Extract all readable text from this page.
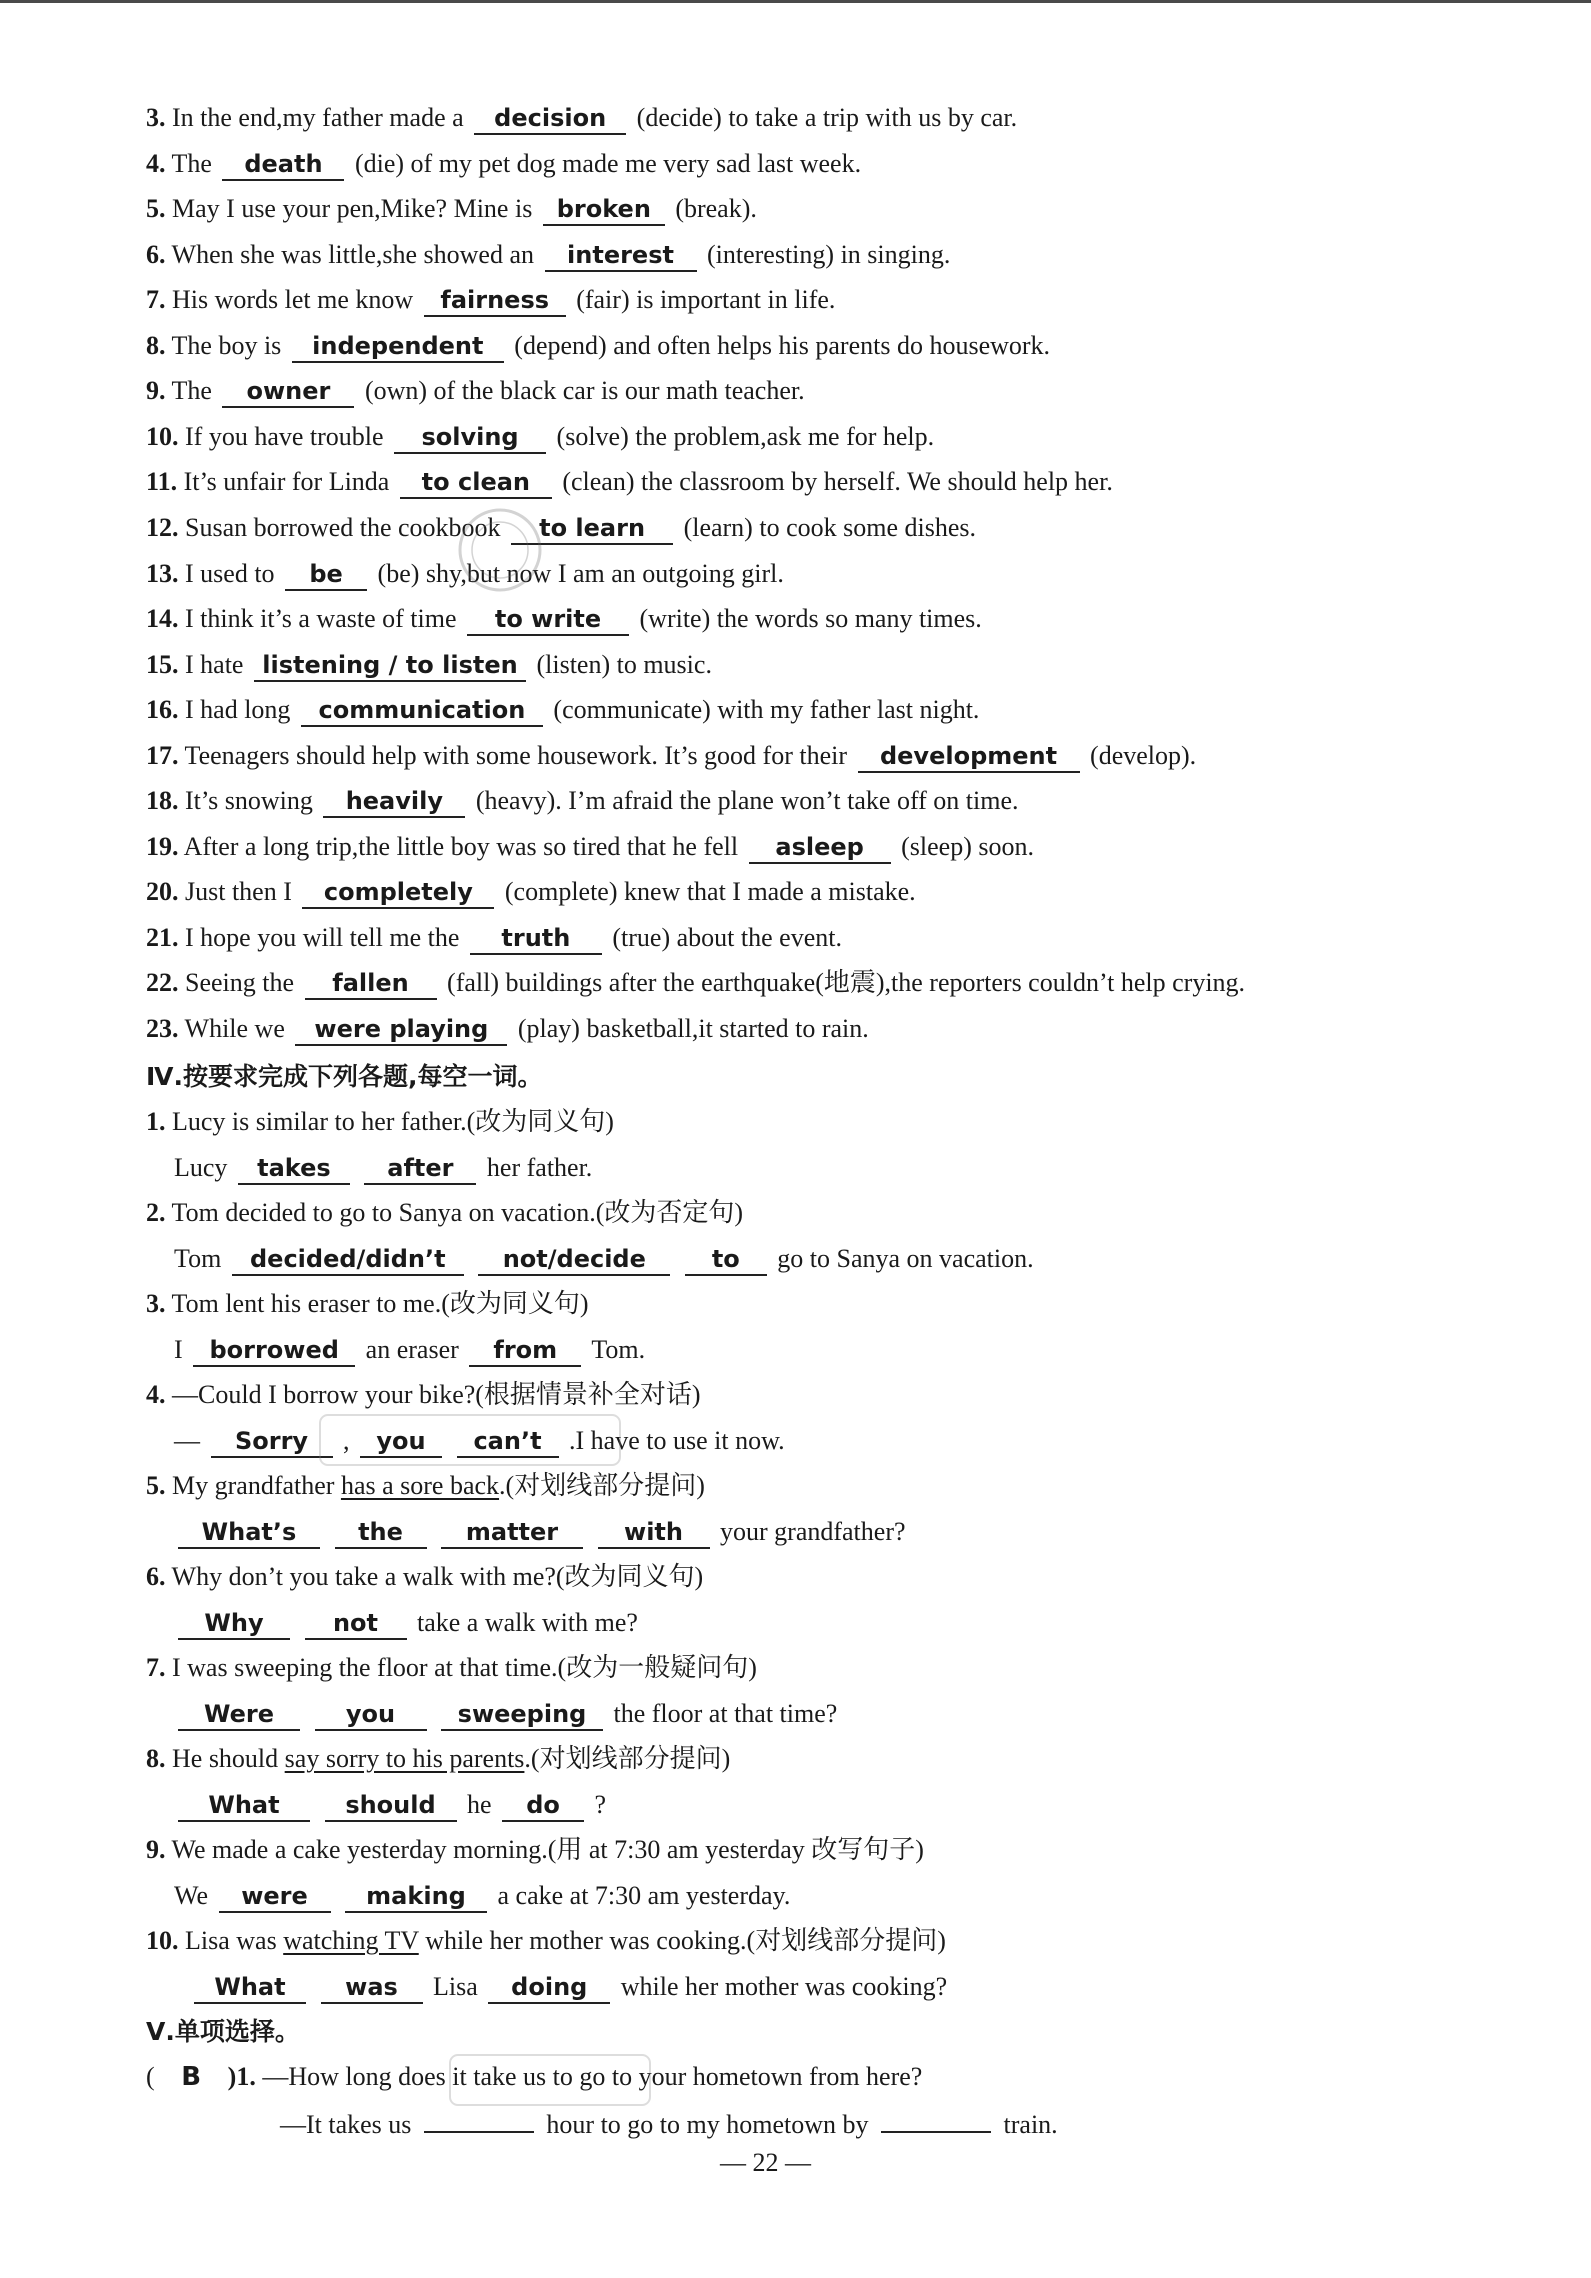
3. In the end,my father made a decision (decide) to take a trip with us by car.
4. The death (die) of my pet dog made me very sad last week.
5. May I use your pen,Mike? Mine is broken (break).
6. When she was little,she showed an interest (interesting) in singing.
7. His words let me know fairness (fair) is important in life.
8. The boy is independent (depend) and often helps his parents do housework.
9. The owner (own) of the black car is our math teacher.
10. If you have trouble solving (solve) the problem,ask me for help.
11. It’s unfair for Linda to clean (clean) the classroom by herself. We should help her.
12. Susan borrowed the cookbook to learn (learn) to cook some dishes.
13. I used to be (be) shy,but now I am an outgoing girl.
14. I think it’s a waste of time to write (write) the words so many times.
15. I hate listening / to listen (listen) to music.
16. I had long communication (communicate) with my father last night.
17. Teenagers should help with some housework. It’s good for their development (develop).
18. It’s snowing heavily (heavy). I’m afraid the plane won’t take off on time.
19. After a long trip,the little boy was so tired that he fell asleep (sleep) soon.
20. Just then I completely (complete) knew that I made a mistake.
21. I hope you will tell me the truth (true) about the event.
22. Seeing the fallen (fall) buildings after the earthquake(地震),the reporters couldn’t help crying.
23. While we were playing (play) basketball,it started to rain.
Ⅳ.按要求完成下列各题,每空一词。
1. Lucy is similar to her father.(改为同义句)
Lucy takes after her father.
2. Tom decided to go to Sanya on vacation.(改为否定句)
Tom decided/didn’t not/decide	to go to Sanya on vacation.
3. Tom lent his eraser to me.(改为同义句)
I borrowed an eraser from Tom.
4. —Could I borrow your bike?(根据情景补全对话)
— Sorry , you can’t .I have to use it now.
5. My grandfather has a sore back.(对划线部分提问)
What’s	the	matter	with your grandfather?
6. Why don’t you take a walk with me?(改为同义句)
Why	not take a walk with me?
7. I was sweeping the floor at that time.(改为一般疑问句)
Were	you	sweeping the floor at that time?
8. He should say sorry to his parents.(对划线部分提问)
What	should he do ?
9. We made a cake yesterday morning.(用 at 7:30 am yesterday 改写句子)
We were making a cake at 7:30 am yesterday.
10. Lisa was watching TV while her mother was cooking.(对划线部分提问)
What was Lisa doing while her mother was cooking?
Ⅴ.单项选择。
( B )1. —How long does it take us to go to your hometown from here?
—It takes us	hour to go to my hometown by	train.
— 22 —
